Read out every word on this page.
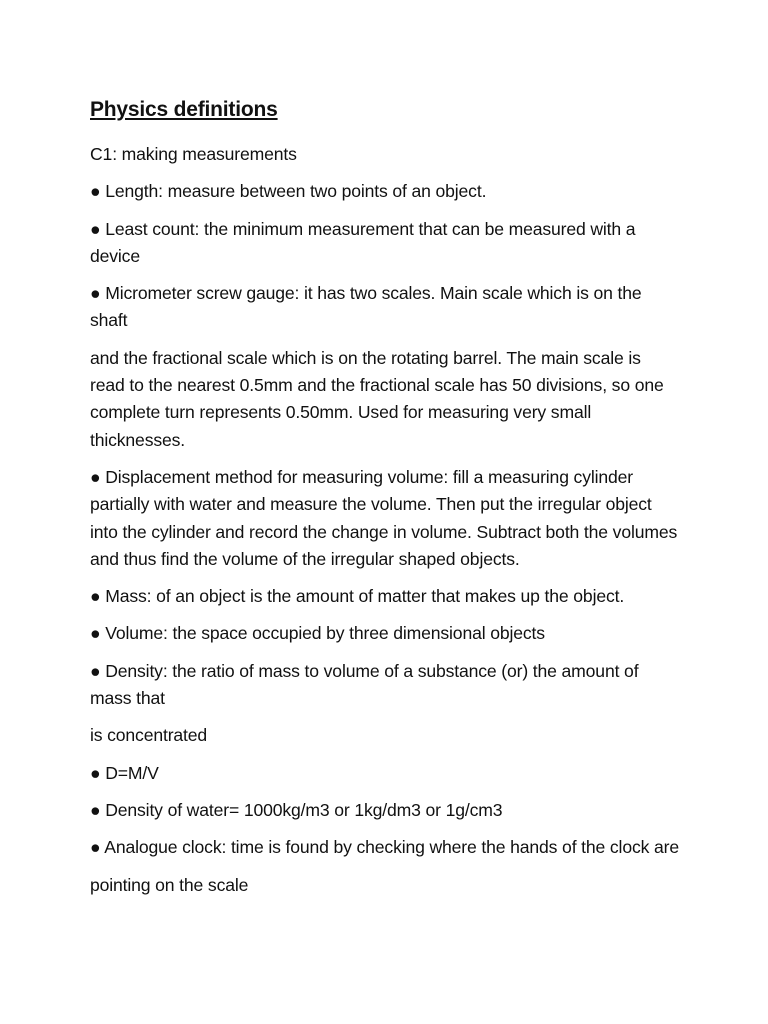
Physics definitions

C1: making measurements

● Length: measure between two points of an object.

● Least count: the minimum measurement that can be measured with a device

● Micrometer screw gauge: it has two scales. Main scale which is on the shaft

and the fractional scale which is on the rotating barrel. The main scale is read to the nearest 0.5mm and the fractional scale has 50 divisions, so one complete turn represents 0.50mm. Used for measuring very small thicknesses.

● Displacement method for measuring volume: fill a measuring cylinder partially with water and measure the volume. Then put the irregular object into the cylinder and record the change in volume. Subtract both the volumes and thus find the volume of the irregular shaped objects.

● Mass: of an object is the amount of matter that makes up the object.

● Volume: the space occupied by three dimensional objects

● Density: the ratio of mass to volume of a substance (or) the amount of mass that

is concentrated

● D=M/V

● Density of water= 1000kg/m3 or 1kg/dm3 or 1g/cm3

● Analogue clock: time is found by checking where the hands of the clock are

pointing on the scale
